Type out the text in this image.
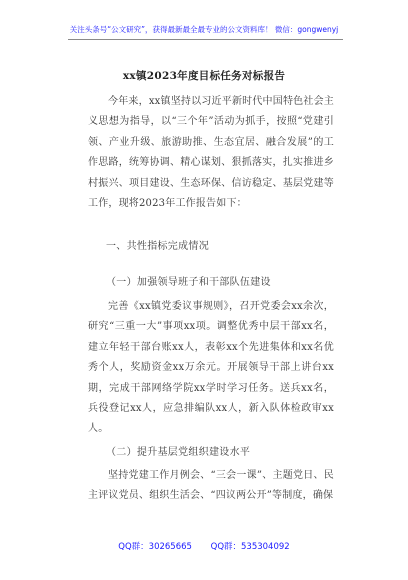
关注头条号“公文研究”，获得最新最全最专业的公文资料库！ 微信：gongwenyj
xx镇2023年度目标任务对标报告
今年来，xx镇坚持以习近平新时代中国特色社会主义思想为指导，以“三个年”活动为抓手，按照“党建引领、产业升级、旅游助推、生态宜居、融合发展”的工作思路，统筹协调、精心谋划、狠抓落实，扎实推进乡村振兴、项目建设、生态环保、信访稳定、基层党建等工作，现将2023年工作报告如下：
一、共性指标完成情况
（一）加强领导班子和干部队伍建设
完善《xx镇党委议事规则》，召开党委会xx余次，研究“三重一大”事项xx项。调整优秀中层干部xx名，建立年轻干部台账xx人，表彰xx个先进集体和xx名优秀个人，奖励资金xx万余元。开展领导干部上讲台xx期，完成干部网络学院xx学时学习任务。送兵xx名，兵役登记xx人，应急排编队xx人，新入队体检政审xx人。
（二）提升基层党组织建设水平
坚持党建工作月例会、“三会一课”、主题党日、民主评议党员、组织生活会、“四议两公开”等制度，确保
QQ群：30265665 QQ群：535304092
